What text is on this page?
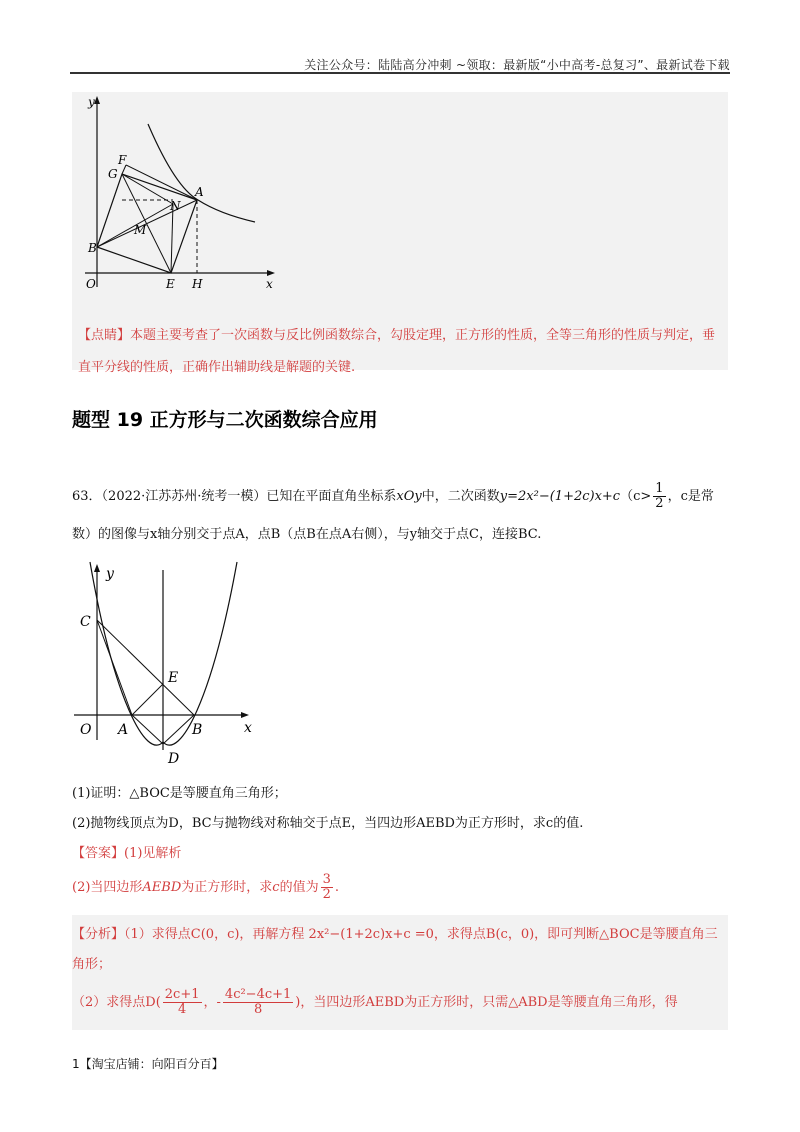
关注公众号：陆陆高分冲刺 ~领取：最新版“小中高考-总复习”、最新试卷下载
y
x
O
F
G
A
N
M
B
E H
【点睛】本题主要考查了一次函数与反比例函数综合，勾股定理，正方形的性质，全等三角形的性质与判定，垂直平分线的性质，正确作出辅助线是解题的关键.
题型 19 正方形与二次函数综合应用
63．（2022·江苏苏州·统考一模）已知在平面直角坐标系xOy中，二次函数$y=2x^2-(1+2c)x+c(c> \frac{1}{2}$ ，c是常
数）的图像与x轴分别交于点A，点B（点B在点A右侧），与y轴交于点C，连接BC.
y
x
O
C
E
A	B
D
(1)证明：△BOC是等腰直角三角形；
(2)抛物线顶点为D，BC与抛物线对称轴交于点E，当四边形AEBD为正方形时，求c的值.
【答案】(1)见解析
(2)当四边形AEBD为正方形时，求c的值为 $\frac{3}{2}$ .
【分析】（1）求得点C(0，c)，再解方程 2x²−(1+2c)x+c =0，求得点B(c，0)，即可判断△BOC是等腰直角三角形；
（2）求得点$D( \frac{2c+1}{4}$ ，- $\frac{\text{4c²−4c+1}}{8}$ )，当四边形AEBD为正方形时，只需△ABD是等腰直角三角形，得
1【淘宝店铺：向阳百分百】
